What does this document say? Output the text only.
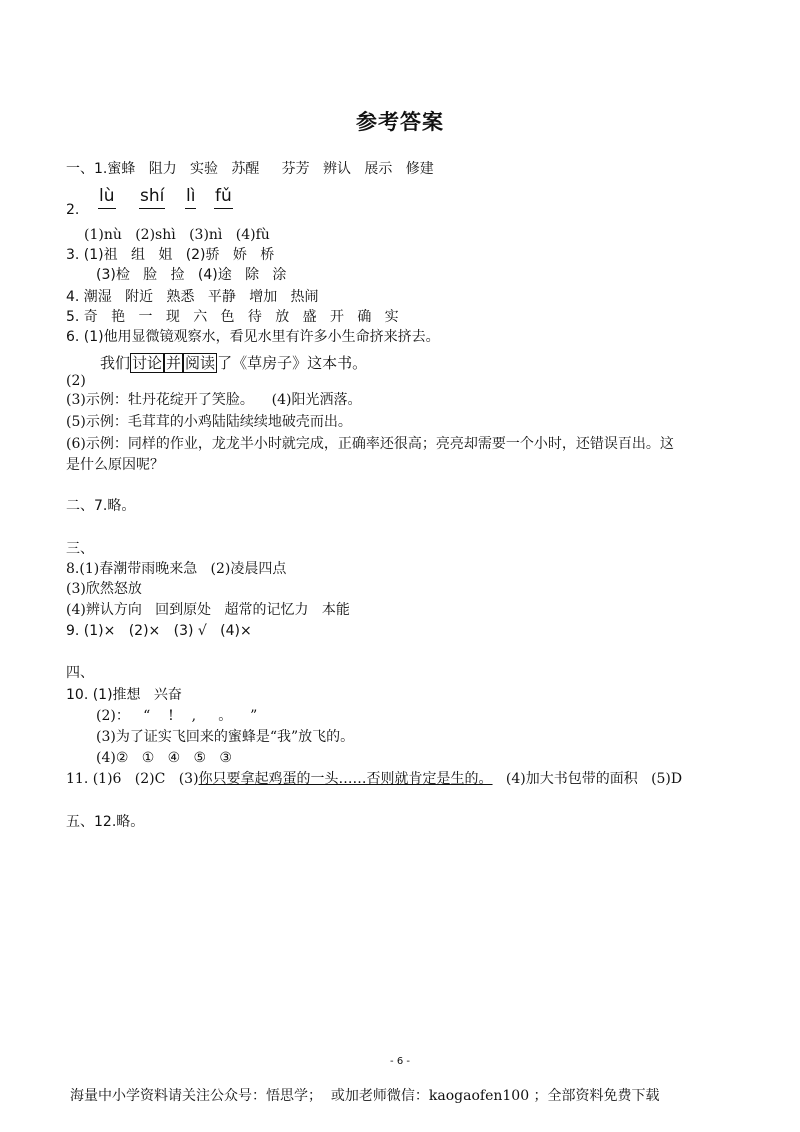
参考答案
一、1.蜜蜂   阻力   实验   苏醒     芬芳   辨认   展示   修建
2.
lù shí lì fǔ
(1)nù   (2)shì   (3)nì   (4)fù
3. (1)祖   组   姐   (2)骄   娇   桥
(3)检   脸   捡   (4)途   除   涂
4. 潮湿   附近   熟悉   平静   增加   热闹
5. 奇   艳   一   现   六   色   待   放   盛   开   确   实
6. (1)他用显微镜观察水，看见水里有许多小生命挤来挤去。
我们 讨论 并 阅读 了《草房子》这本书。
(2)
(3)示例：牡丹花绽开了笑脸。    (4)阳光洒落。
(5)示例：毛茸茸的小鸡陆陆续续地破壳而出。
(6)示例：同样的作业，龙龙半小时就完成，正确率还很高；亮亮却需要一个小时，还错误百出。这
是什么原因呢？
二、7.略。
三、
8.(1)春潮带雨晚来急   (2)凌晨四点
(3)欣然怒放
(4)辨认方向   回到原处   超常的记忆力   本能
9. (1)×   (2)×   (3) √   (4)×
四、
10. (1)推想   兴奋
(2)：   “    !    ,     。    ”
(3)为了证实飞回来的蜜蜂是“我”放飞的。
(4)②   ①   ④   ⑤   ③
11. (1)6   (2)C   (3)你只要拿起鸡蛋的一头……否则就肯定是生的。   (4)加大书包带的面积   (5)D
五、12.略。
- 6 -
海量中小学资料请关注公众号：悟思学；  或加老师微信：kaogaofen100 ；全部资料免费下载
